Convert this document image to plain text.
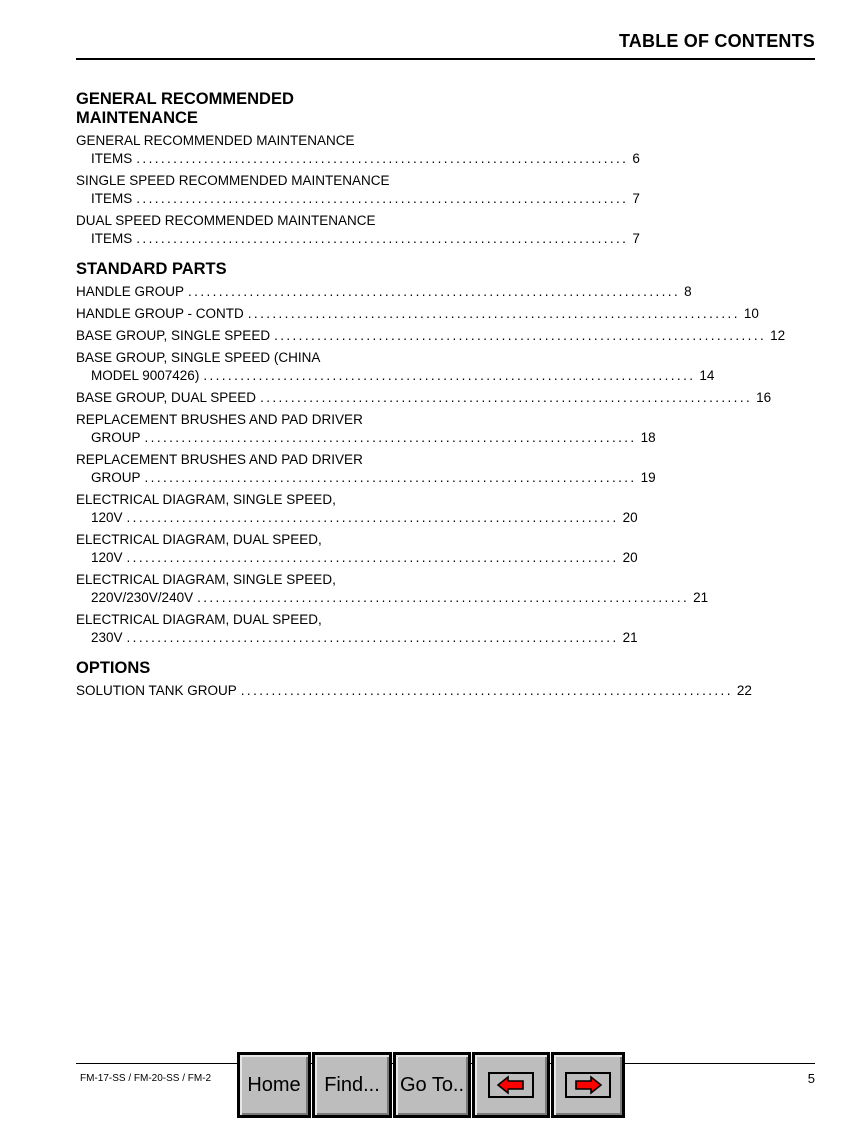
TABLE OF CONTENTS
GENERAL RECOMMENDED MAINTENANCE
GENERAL RECOMMENDED MAINTENANCE
ITEMS ................................................................................ 6
SINGLE SPEED RECOMMENDED MAINTENANCE
ITEMS ................................................................................ 7
DUAL SPEED RECOMMENDED MAINTENANCE
ITEMS ................................................................................ 7
STANDARD PARTS
HANDLE GROUP ................................................................................ 8
HANDLE GROUP - CONTD ................................................................................ 10
BASE GROUP, SINGLE SPEED ................................................................................ 12
BASE GROUP, SINGLE SPEED (CHINA
MODEL 9007426) ................................................................................ 14
BASE GROUP, DUAL SPEED ................................................................................ 16
REPLACEMENT BRUSHES AND PAD DRIVER
GROUP ................................................................................ 18
REPLACEMENT BRUSHES AND PAD DRIVER
GROUP ................................................................................ 19
ELECTRICAL DIAGRAM, SINGLE SPEED,
120V ................................................................................ 20
ELECTRICAL DIAGRAM, DUAL SPEED,
120V ................................................................................ 20
ELECTRICAL DIAGRAM, SINGLE SPEED,
220V/230V/240V ................................................................................ 21
ELECTRICAL DIAGRAM, DUAL SPEED,
230V ................................................................................ 21
OPTIONS
SOLUTION TANK GROUP ................................................................................ 22
FM-17-SS / FM-20-SS / FM-2	5
Home	Find...	Go To..
